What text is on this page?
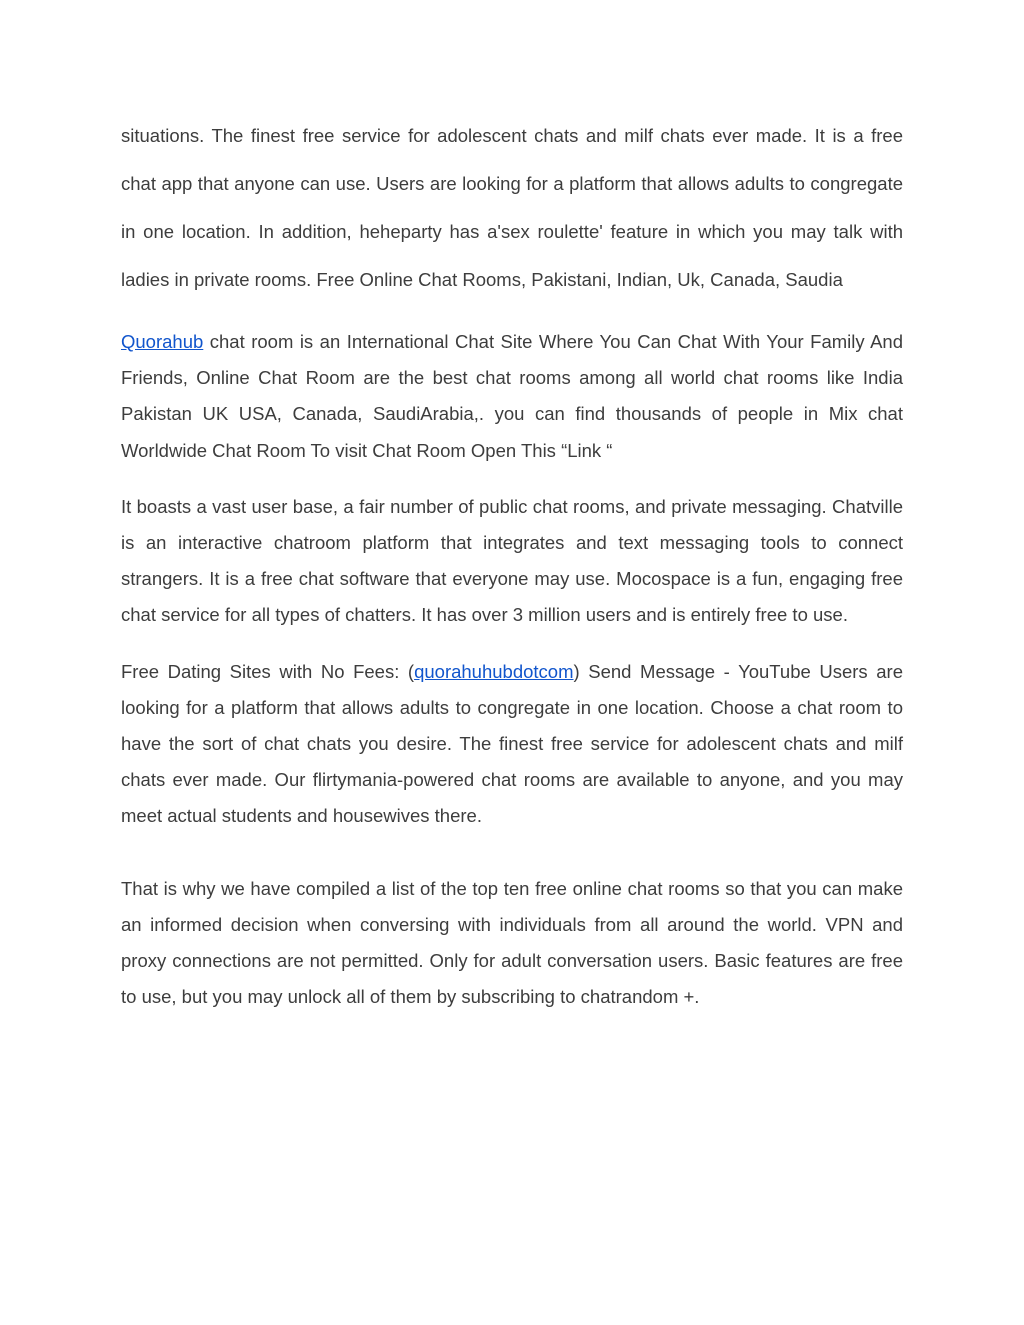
situations. The finest free service for adolescent chats and milf chats ever made. It is a free chat app that anyone can use. Users are looking for a platform that allows adults to congregate in one location. In addition, heheparty has a'sex roulette' feature in which you may talk with ladies in private rooms. Free Online Chat Rooms, Pakistani, Indian, Uk, Canada, Saudia

Quorahub chat room is an International Chat Site Where You Can Chat With Your Family And Friends, Online Chat Room are the best chat rooms among all world chat rooms like India Pakistan UK USA, Canada, SaudiArabia,. you can find thousands of people in Mix chat Worldwide Chat Room To visit Chat Room Open This “Link “

It boasts a vast user base, a fair number of public chat rooms, and private messaging. Chatville is an interactive chatroom platform that integrates and text messaging tools to connect strangers. It is a free chat software that everyone may use. Mocospace is a fun, engaging free chat service for all types of chatters. It has over 3 million users and is entirely free to use.

Free Dating Sites with No Fees: (quorahuhubdotcom) Send Message - YouTube Users are looking for a platform that allows adults to congregate in one location. Choose a chat room to have the sort of chat chats you desire. The finest free service for adolescent chats and milf chats ever made. Our flirtymania-powered chat rooms are available to anyone, and you may meet actual students and housewives there.

That is why we have compiled a list of the top ten free online chat rooms so that you can make an informed decision when conversing with individuals from all around the world. VPN and proxy connections are not permitted. Only for adult conversation users. Basic features are free to use, but you may unlock all of them by subscribing to chatrandom +.
